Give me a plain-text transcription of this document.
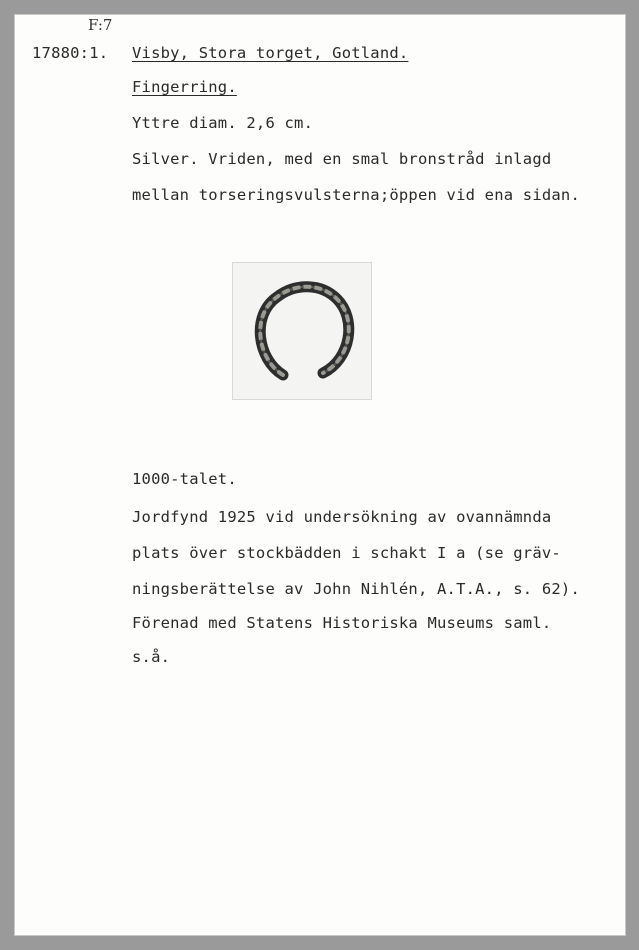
F:7
17880:1. Visby, Stora torget, Gotland.
Fingerring.
Yttre diam. 2,6 cm.
Silver. Vriden, med en smal bronstråd inlagd
mellan torseringsvulsterna;öppen vid ena sidan.
1000-talet.
Jordfynd 1925 vid undersökning av ovannämnda
plats över stockbädden i schakt I a (se gräv-
ningsberättelse av John Nihlén, A.T.A., s. 62).
Förenad med Statens Historiska Museums saml.
s.å.
